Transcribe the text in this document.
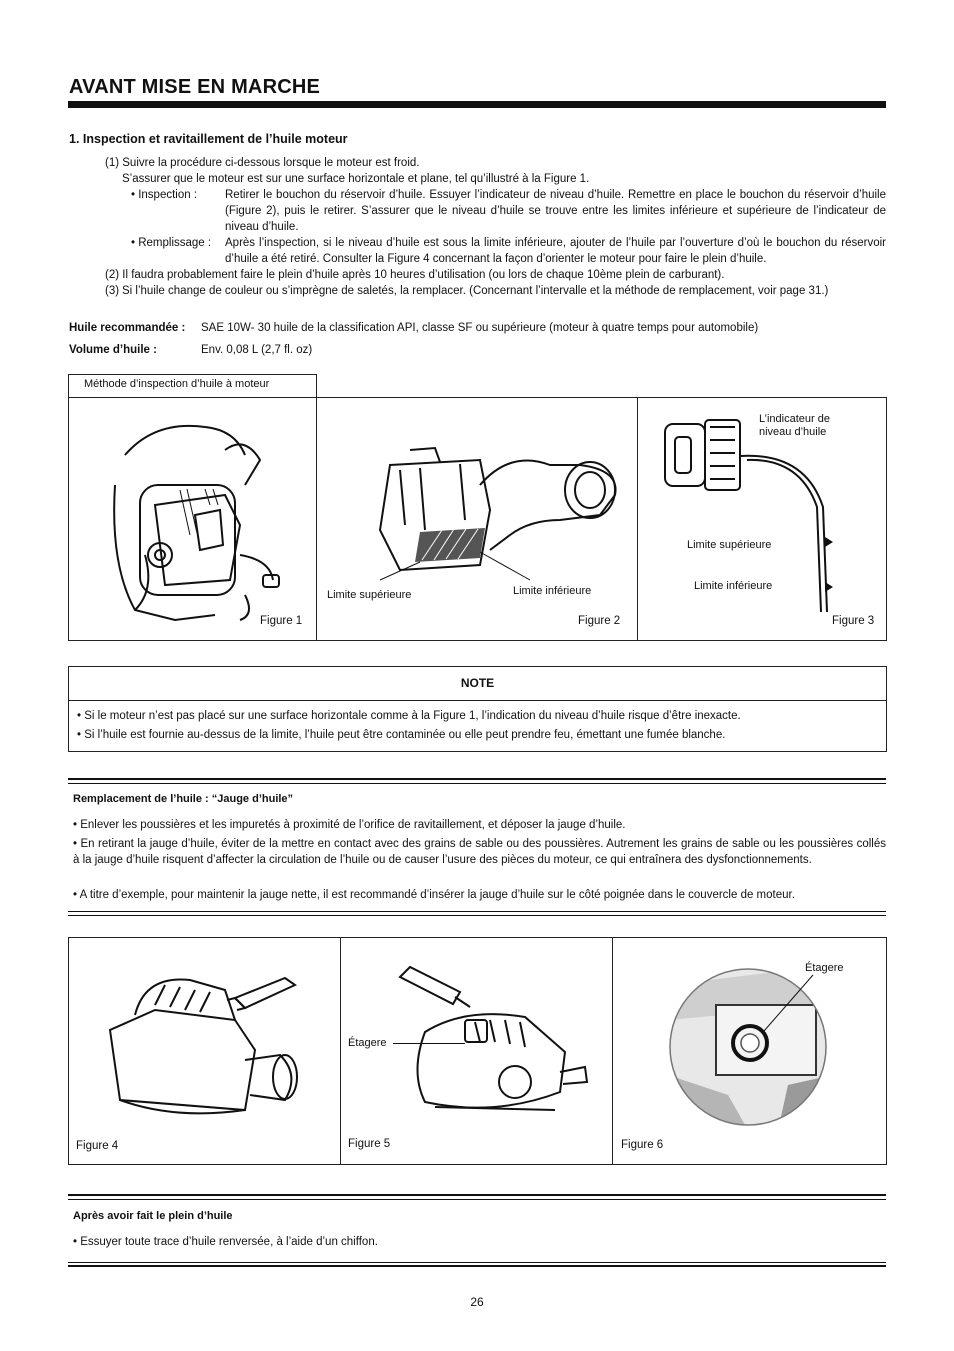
AVANT MISE EN MARCHE
1. Inspection et ravitaillement de l’huile moteur
(1) Suivre la procédure ci-dessous lorsque le moteur est froid.
S’assurer que le moteur est sur une surface horizontale et plane, tel qu’illustré à la Figure 1.
• Inspection : Retirer le bouchon du réservoir d’huile. Essuyer l’indicateur de niveau d’huile. Remettre en place le bouchon du réservoir d’huile (Figure 2), puis le retirer. S’assurer que le niveau d’huile se trouve entre les limites inférieure et supérieure de l’indicateur de niveau d’huile.
• Remplissage : Après l’inspection, si le niveau d’huile est sous la limite inférieure, ajouter de l’huile par l’ouverture d’où le bouchon du réservoir d’huile a été retiré. Consulter la Figure 4 concernant la façon d’orienter le moteur pour faire le plein d’huile.
(2) Il faudra probablement faire le plein d’huile après 10 heures d’utilisation (ou lors de chaque 10ème plein de carburant).
(3) Si l’huile change de couleur ou s’imprègne de saletés, la remplacer. (Concernant l’intervalle et la méthode de remplacement, voir page 31.)
Huile recommandée : SAE 10W- 30 huile de la classification API, classe SF ou supérieure (moteur à quatre temps pour automobile)
Volume d’huile :	Env. 0,08 L (2,7 fl. oz)
Méthode d’inspection d’huile à moteur
Limite supérieure	Limite inférieure
L’indicateur de
niveau d’huile
Limite supérieure
Limite inférieure
Figure 1	Figure 2	Figure 3
NOTE
• Si le moteur n’est pas placé sur une surface horizontale comme à la Figure 1, l’indication du niveau d’huile risque d’être inexacte.
• Si l’huile est fournie au-dessus de la limite, l’huile peut être contaminée ou elle peut prendre feu, émettant une fumée blanche.
Remplacement de l’huile : “Jauge d’huile”
• Enlever les poussières et les impuretés à proximité de l’orifice de ravitaillement, et déposer la jauge d’huile.
• En retirant la jauge d’huile, éviter de la mettre en contact avec des grains de sable ou des poussières. Autrement les grains de sable ou les poussières collés à la jauge d’huile risquent d’affecter la circulation de l’huile ou de causer l’usure des pièces du moteur, ce qui entraînera des dysfonctionnements.
• A titre d’exemple, pour maintenir la jauge nette, il est recommandé d’insérer la jauge d’huile sur le côté poignée dans le couvercle de moteur.
Étagere
Étagere
Figure 4	Figure 5	Figure 6
Après avoir fait le plein d’huile
• Essuyer toute trace d’huile renversée, à l’aide d’un chiffon.
26
